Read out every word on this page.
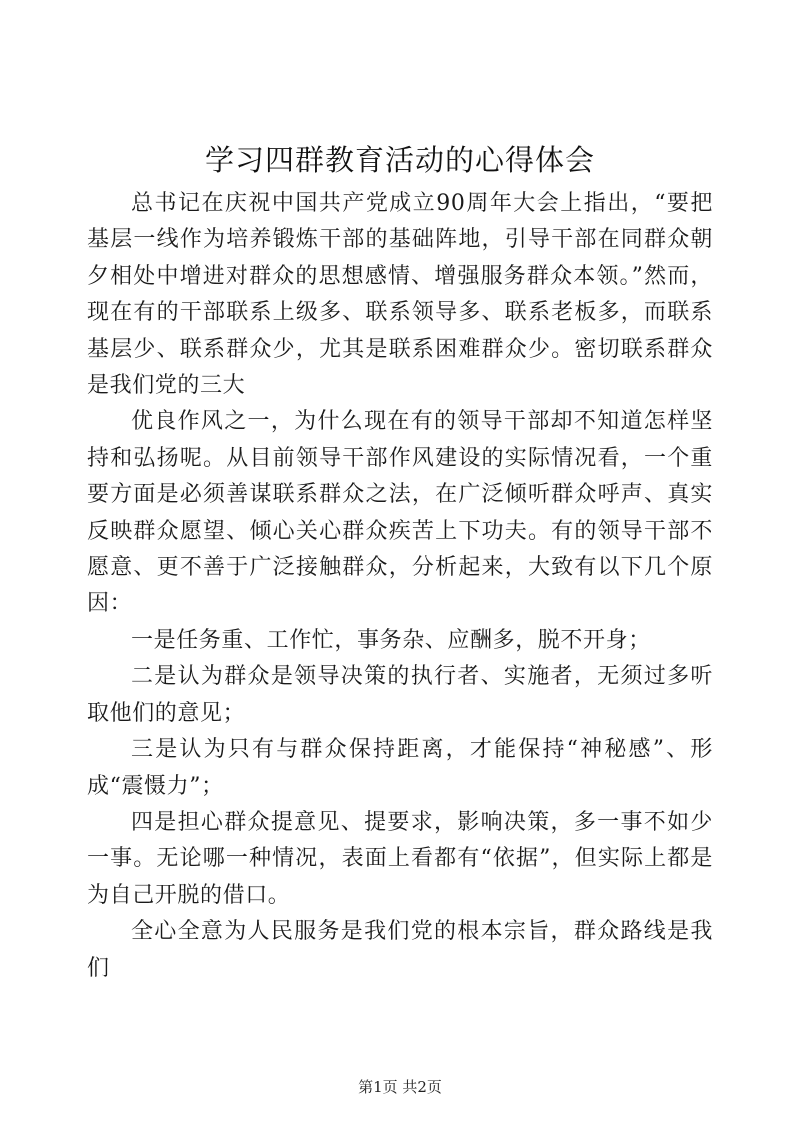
学习四群教育活动的心得体会

总书记在庆祝中国共产党成立90周年大会上指出，“要把基层一线作为培养锻炼干部的基础阵地，引导干部在同群众朝夕相处中增进对群众的思想感情、增强服务群众本领。”然而，现在有的干部联系上级多、联系领导多、联系老板多，而联系基层少、联系群众少，尤其是联系困难群众少。密切联系群众是我们党的三大

优良作风之一，为什么现在有的领导干部却不知道怎样坚持和弘扬呢。从目前领导干部作风建设的实际情况看，一个重要方面是必须善谋联系群众之法，在广泛倾听群众呼声、真实反映群众愿望、倾心关心群众疾苦上下功夫。有的领导干部不愿意、更不善于广泛接触群众，分析起来，大致有以下几个原因：

一是任务重、工作忙，事务杂、应酬多，脱不开身；

二是认为群众是领导决策的执行者、实施者，无须过多听取他们的意见；

三是认为只有与群众保持距离，才能保持“神秘感”、形成“震慑力”；

四是担心群众提意见、提要求，影响决策，多一事不如少一事。无论哪一种情况，表面上看都有“依据”，但实际上都是为自己开脱的借口。

全心全意为人民服务是我们党的根本宗旨，群众路线是我们

第1页 共2页
